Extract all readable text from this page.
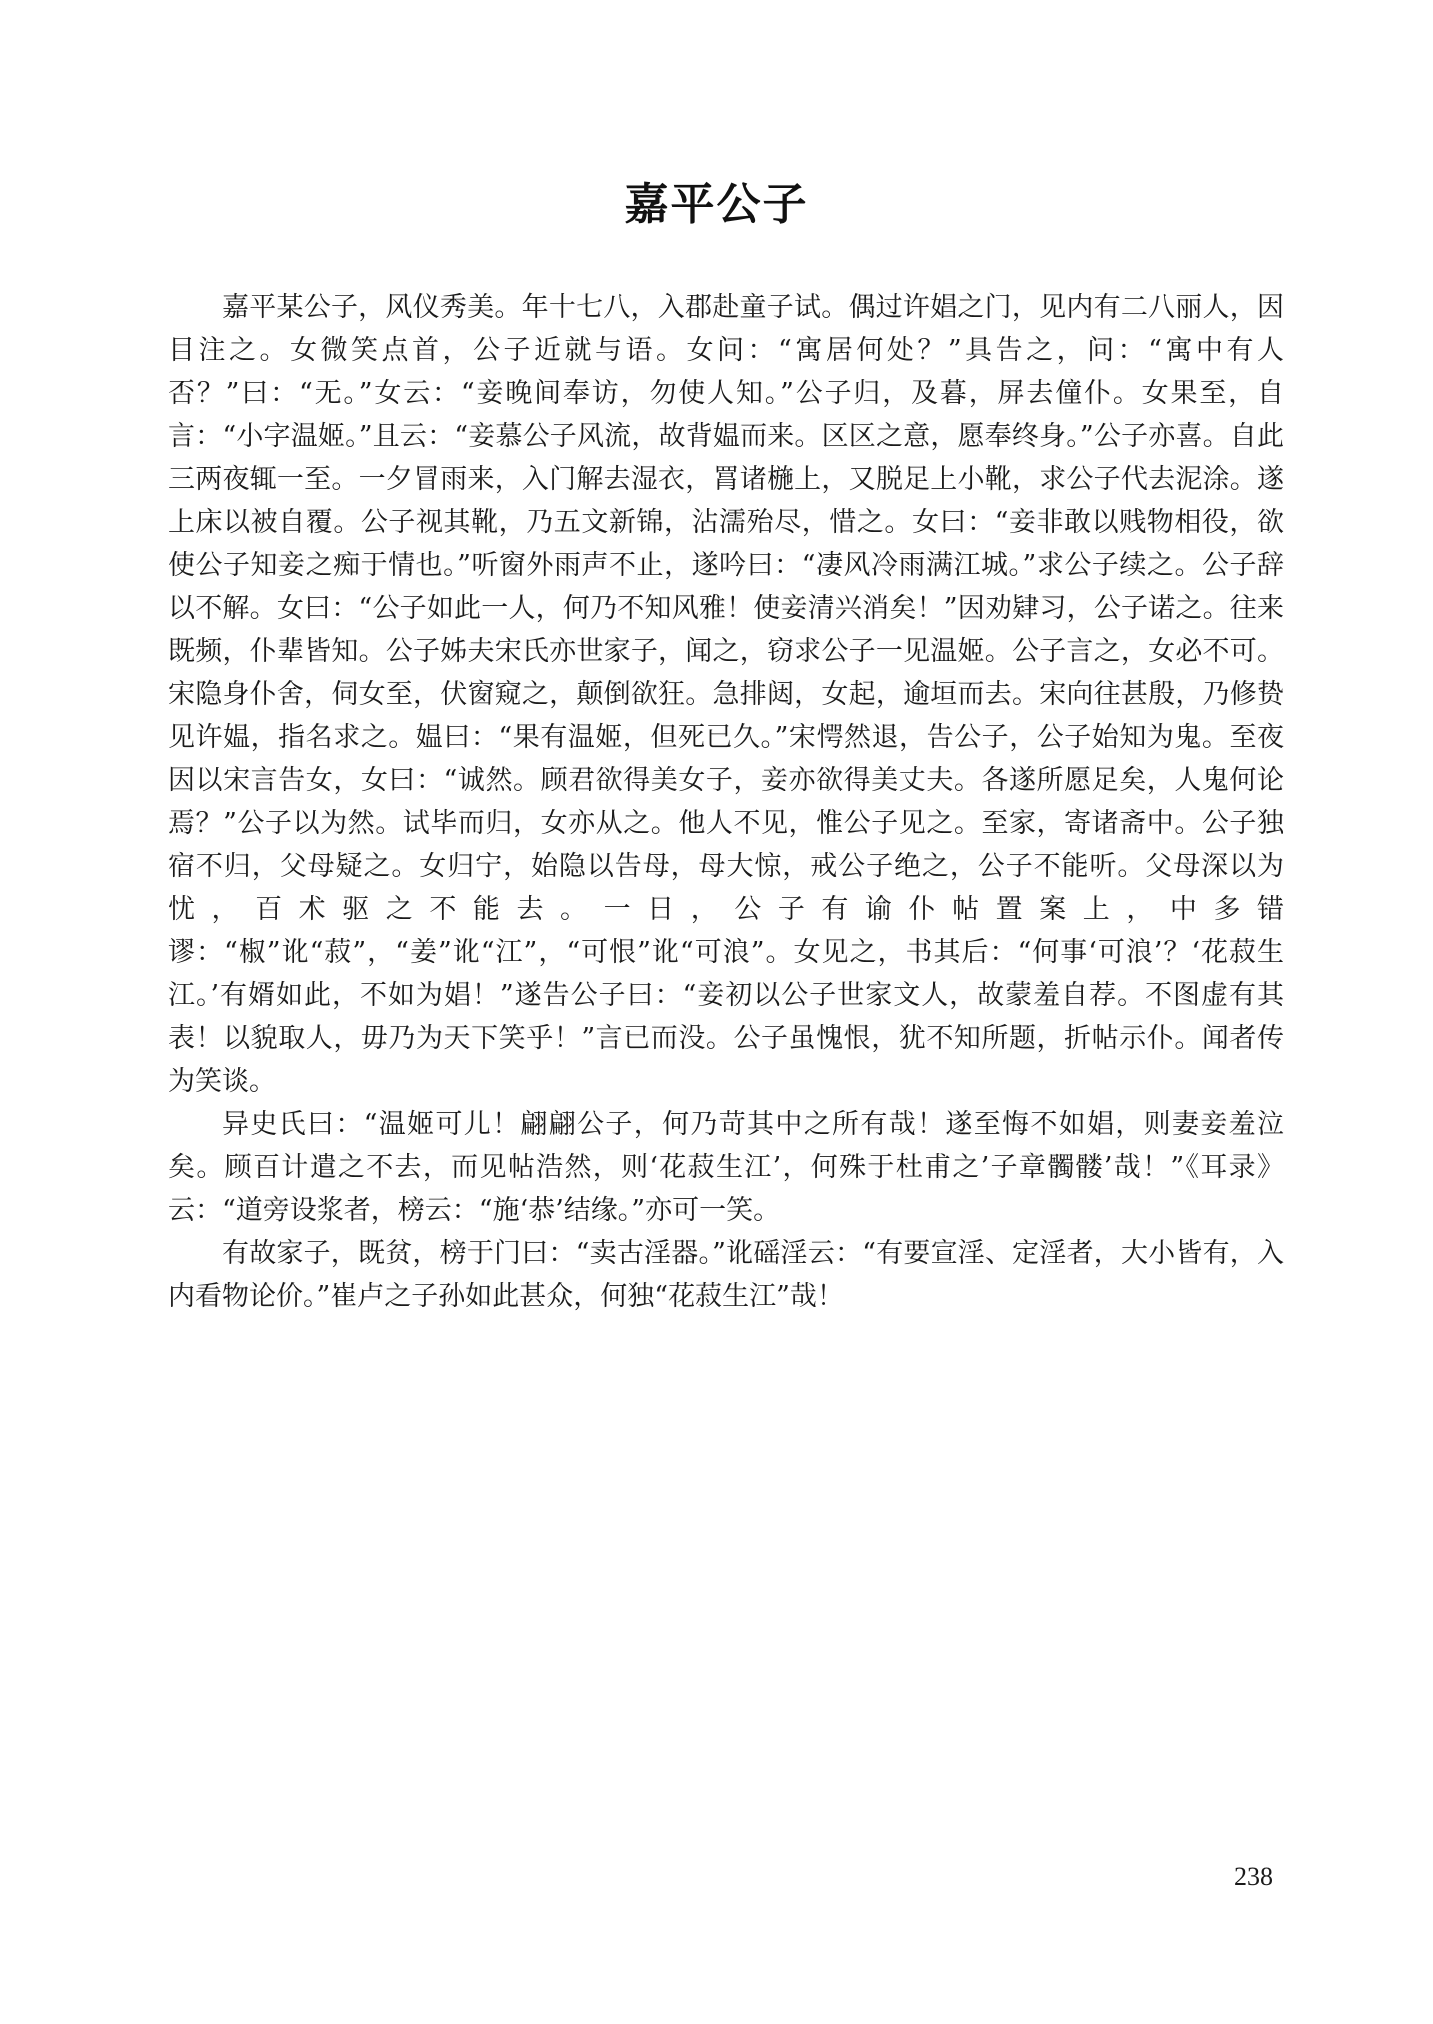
嘉平公子

嘉平某公子，风仪秀美。年十七八，入郡赴童子试。偶过许娼之门，见内有二八丽人，因目注之。女微笑点首，公子近就与语。女问：“寓居何处？”具告之，问：“寓中有人否？”曰：“无。”女云：“妾晚间奉访，勿使人知。”公子归，及暮，屏去僮仆。女果至，自言：“小字温姬。”且云：“妾慕公子风流，故背媪而来。区区之意，愿奉终身。”公子亦喜。自此三两夜辄一至。一夕冒雨来，入门解去湿衣，罥诸椸上，又脱足上小靴，求公子代去泥涂。遂上床以被自覆。公子视其靴，乃五文新锦，沾濡殆尽，惜之。女曰：“妾非敢以贱物相役，欲使公子知妾之痴于情也。”听窗外雨声不止，遂吟曰：“凄风冷雨满江城。”求公子续之。公子辞以不解。女曰：“公子如此一人，何乃不知风雅！使妾清兴消矣！”因劝肄习，公子诺之。往来既频，仆辈皆知。公子姊夫宋氏亦世家子，闻之，窃求公子一见温姬。公子言之，女必不可。宋隐身仆舍，伺女至，伏窗窥之，颠倒欲狂。急排闼，女起，逾垣而去。宋向往甚殷，乃修贽见许媪，指名求之。媪曰：“果有温姬，但死已久。”宋愕然退，告公子，公子始知为鬼。至夜因以宋言告女，女曰：“诚然。顾君欲得美女子，妾亦欲得美丈夫。各遂所愿足矣，人鬼何论焉？”公子以为然。试毕而归，女亦从之。他人不见，惟公子见之。至家，寄诸斋中。公子独宿不归，父母疑之。女归宁，始隐以告母，母大惊，戒公子绝之，公子不能听。父母深以为忧，百术驱之不能去。一日，公子有谕仆帖置案上，中多错谬：“椒”讹“菽”，“姜”讹“江”，“可恨”讹“可浪”。女见之，书其后：“何事‘可浪’？‘花菽生江。’有婿如此，不如为娼！”遂告公子曰：“妾初以公子世家文人，故蒙羞自荐。不图虚有其表！以貌取人，毋乃为天下笑乎！”言已而没。公子虽愧恨，犹不知所题，折帖示仆。闻者传为笑谈。

异史氏曰：“温姬可儿！翩翩公子，何乃苛其中之所有哉！遂至悔不如娼，则妻妾羞泣矣。顾百计遣之不去，而见帖浩然，则‘花菽生江’，何殊于杜甫之’子章髑髅’哉！”《耳录》云：“道旁设浆者，榜云：“施‘恭’结缘。”亦可一笑。

有故家子，既贫，榜于门曰：“卖古淫器。”讹磘淫云：“有要宣淫、定淫者，大小皆有，入内看物论价。”崔卢之子孙如此甚众，何独“花菽生江”哉！

238
